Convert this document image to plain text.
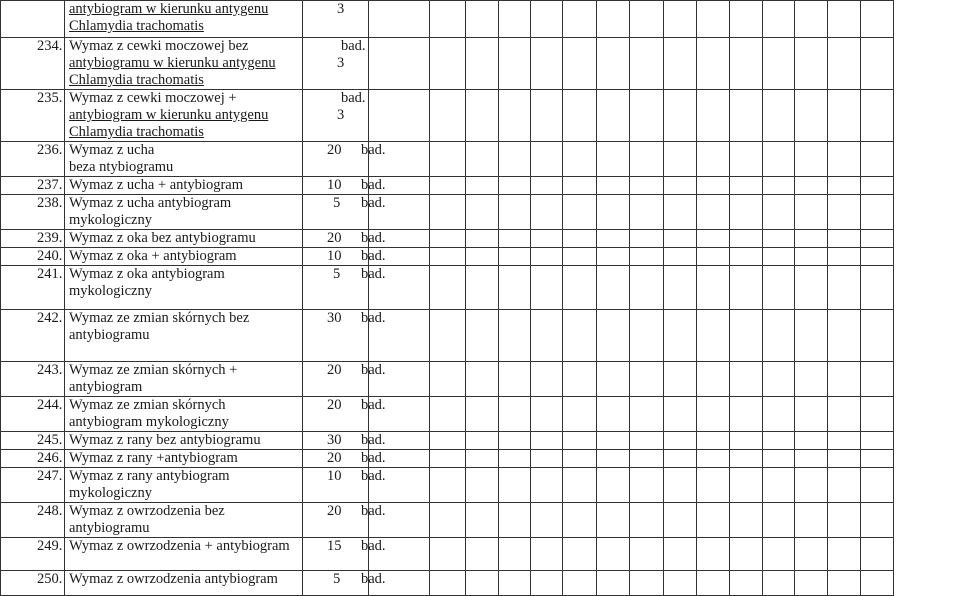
	antybiogram w kierunku antygenu
Chlamydia trachomatis	3	

234.	Wymaz z cewki moczowej bez
antybiogramu w kierunku antygenu
Chlamydia trachomatis	3	bad.														

235.	Wymaz z cewki moczowej +
antybiogram w kierunku antygenu
Chlamydia trachomatis	3	bad.														

236.	Wymaz z ucha
beza ntybiogramu	20	bad.														

237.	Wymaz z ucha + antybiogram	10	bad.														

238.	Wymaz z ucha antybiogram
mykologiczny	5	bad.														

239.	Wymaz z oka bez antybiogramu	20	bad.														

240.	Wymaz z oka + antybiogram	10	bad.														

241.	Wymaz z oka antybiogram
mykologiczny	5	bad.														

242.	Wymaz ze zmian skórnych bez
antybiogramu	30	bad.														

243.	Wymaz ze zmian skórnych +
antybiogram	20	bad.														

244.	Wymaz ze zmian skórnych
antybiogram mykologiczny	20	bad.														

245.	Wymaz z rany bez antybiogramu	30	bad.														

246.	Wymaz z rany +antybiogram	20	bad.														

247.	Wymaz z rany antybiogram
mykologiczny	10	bad.														

248.	Wymaz z owrzodzenia bez
antybiogramu	20	bad.														

249.	Wymaz z owrzodzenia + antybiogram	15	bad.														

250.	Wymaz z owrzodzenia antybiogram	5	bad.														
